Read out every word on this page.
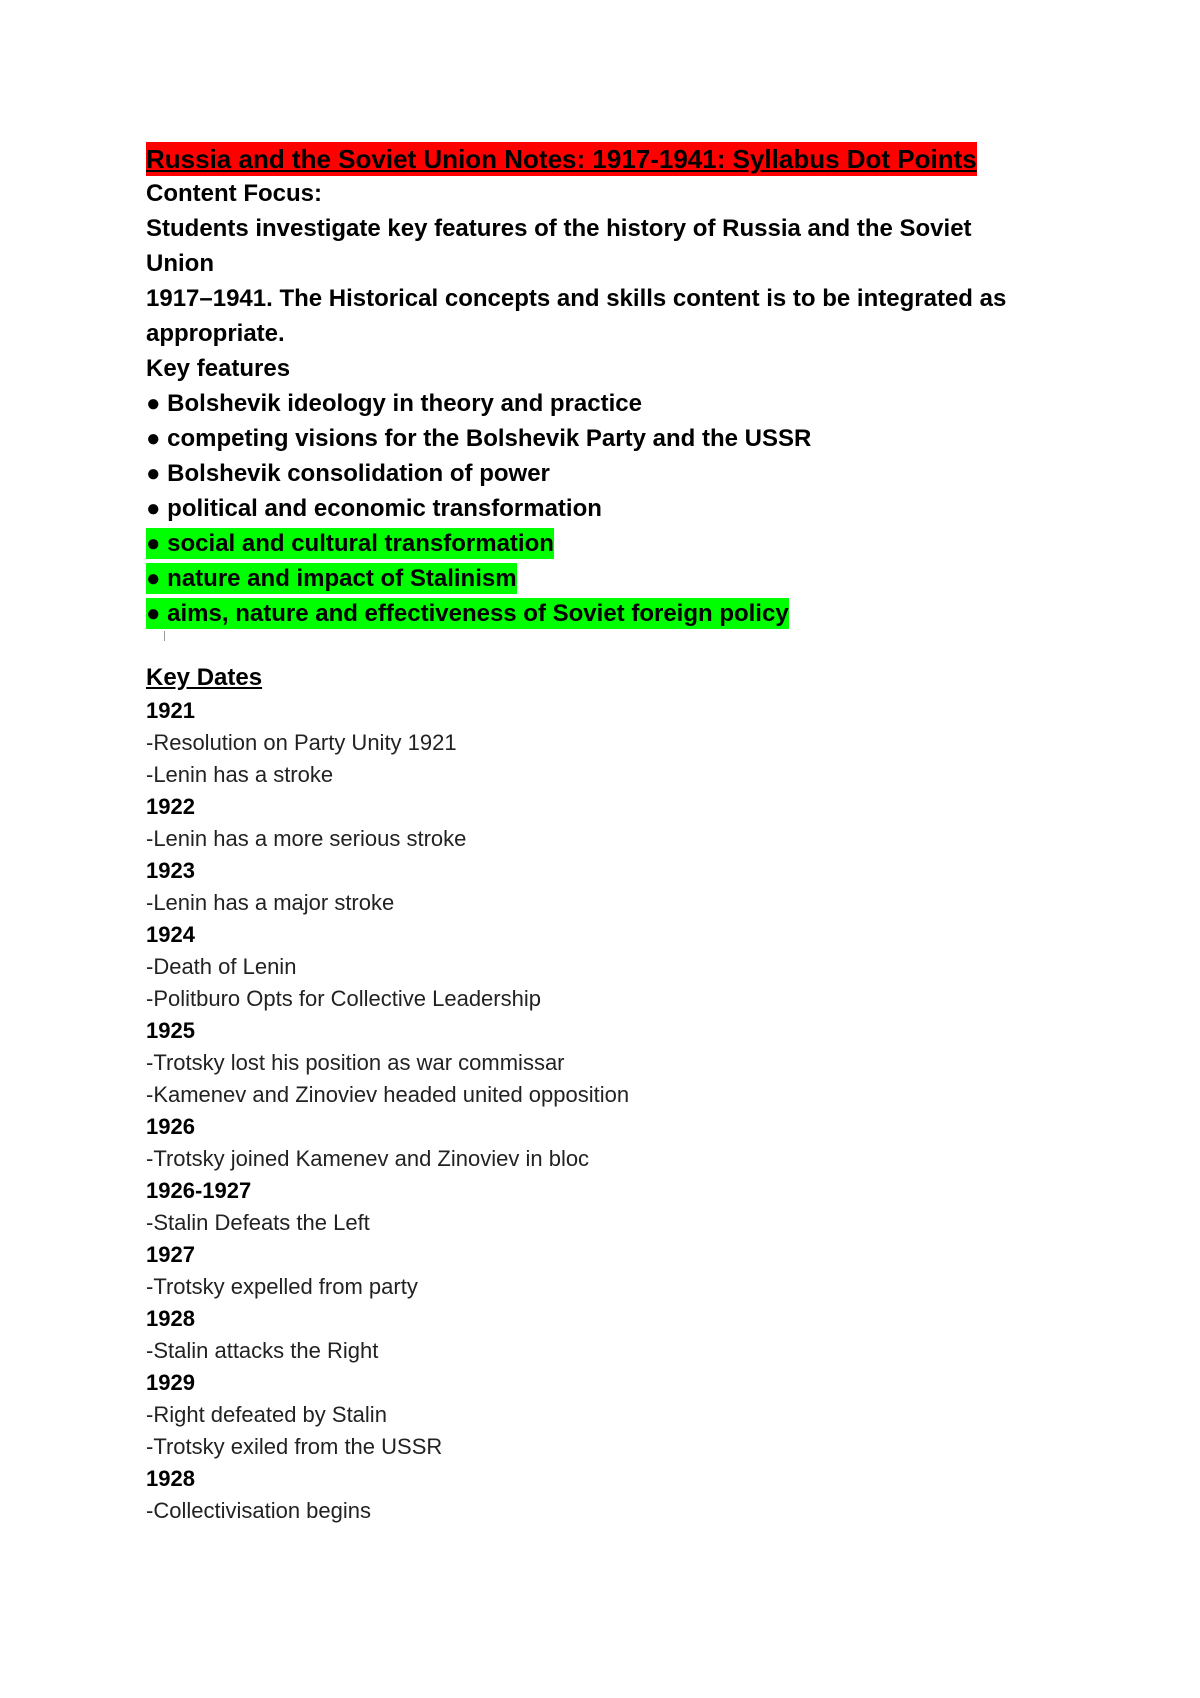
Russia and the Soviet Union Notes: 1917-1941: Syllabus Dot Points

Content Focus:

Students investigate key features of the history of Russia and the Soviet

Union

1917–1941. The Historical concepts and skills content is to be integrated as

appropriate.

Key features

● Bolshevik ideology in theory and practice
● competing visions for the Bolshevik Party and the USSR
● Bolshevik consolidation of power
● political and economic transformation
● social and cultural transformation
● nature and impact of Stalinism
● aims, nature and effectiveness of Soviet foreign policy

Key Dates

1921

-Resolution on Party Unity 1921

-Lenin has a stroke

1922

-Lenin has a more serious stroke

1923

-Lenin has a major stroke

1924

-Death of Lenin

-Politburo Opts for Collective Leadership

1925

-Trotsky lost his position as war commissar

-Kamenev and Zinoviev headed united opposition

1926

-Trotsky joined Kamenev and Zinoviev in bloc

1926-1927

-Stalin Defeats the Left

1927

-Trotsky expelled from party

1928

-Stalin attacks the Right

1929

-Right defeated by Stalin

-Trotsky exiled from the USSR

1928

-Collectivisation begins
